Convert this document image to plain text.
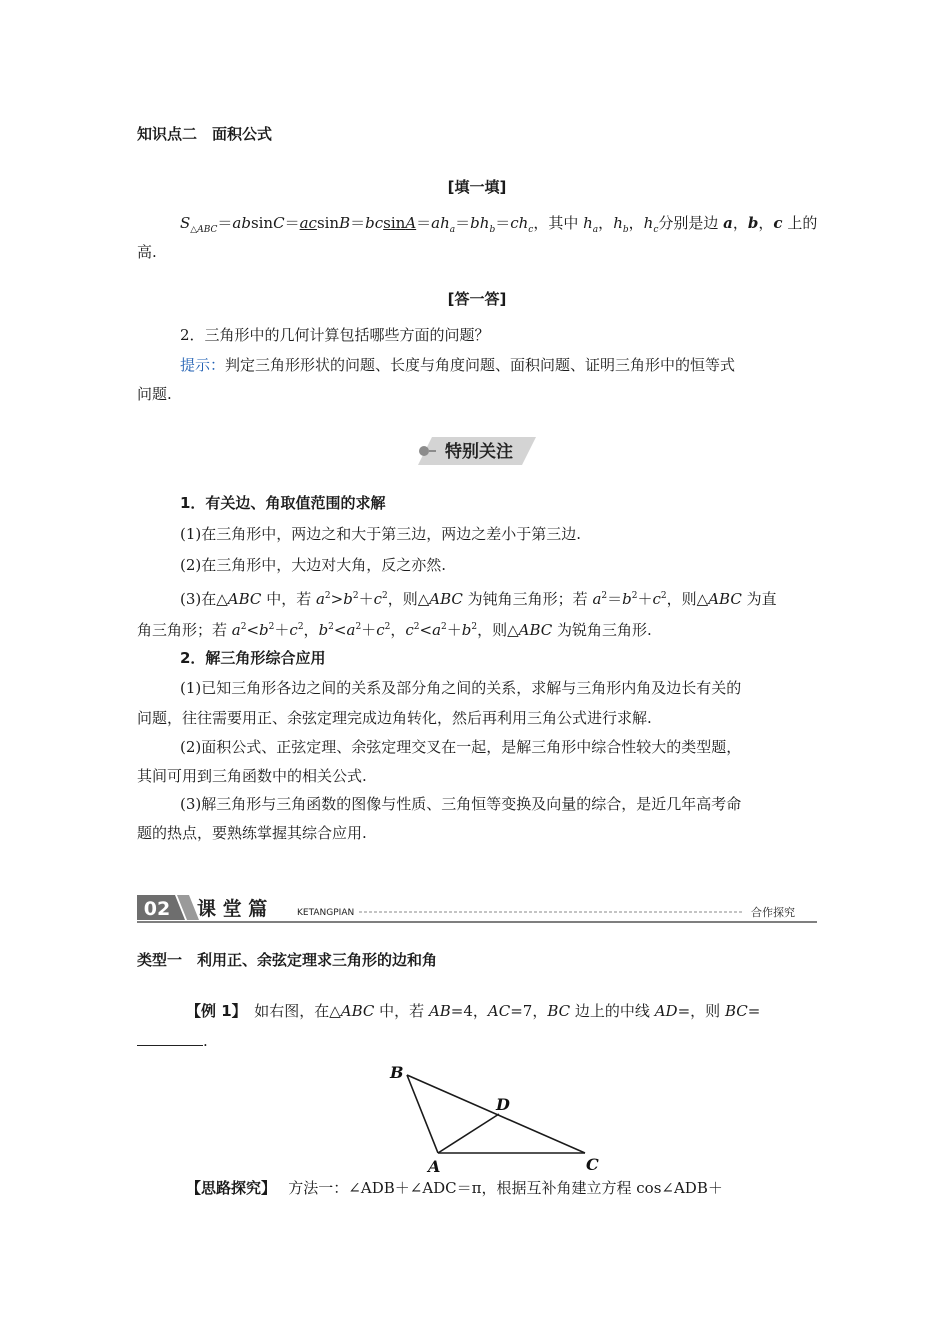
知识点二　面积公式
[填一填]
$S_{\triangle ABC}=absinC=acsinB=bcsinA=ah_a=bh_b=ch_c$，其中 $h_a$，$h_b$，$h_c$分别是边 a，b，c 上的
高.
[答一答]
2．三角形中的几何计算包括哪些方面的问题？
提示：判定三角形形状的问题、长度与角度问题、面积问题、证明三角形中的恒等式
问题.
特别关注
1．有关边、角取值范围的求解
(1)在三角形中，两边之和大于第三边，两边之差小于第三边.
(2)在三角形中，大边对大角，反之亦然.
(3)在△ABC 中，若 $a^2>b^2+c^2$，则△ABC 为钝角三角形；若 $a^2=b^2+c^2$，则△ABC 为直
角三角形；若 $a^2<b^2+c^2$，$b^2<a^2+c^2$，$c^2<a^2+b^2$，则△ABC 为锐角三角形.
2．解三角形综合应用
(1)已知三角形各边之间的关系及部分角之间的关系，求解与三角形内角及边长有关的
问题，往往需要用正、余弦定理完成边角转化，然后再利用三角公式进行求解.
(2)面积公式、正弦定理、余弦定理交叉在一起，是解三角形中综合性较大的类型题，
其间可用到三角函数中的相关公式.
(3)解三角形与三角函数的图像与性质、三角恒等变换及向量的综合，是近几年高考命
题的热点，要熟练掌握其综合应用.
02 课 堂 篇	KETANGPIAN	合作探究
类型一　利用正、余弦定理求三角形的边和角
【例 1】　 如右图，在△ABC 中，若 AB=4，AC=7，BC 边上的中线 AD=，则 BC=
.
B
D
A	C
【思路探究】　 方法一：∠ADB＋∠ADC＝π，根据互补角建立方程 cos∠ADB＋
